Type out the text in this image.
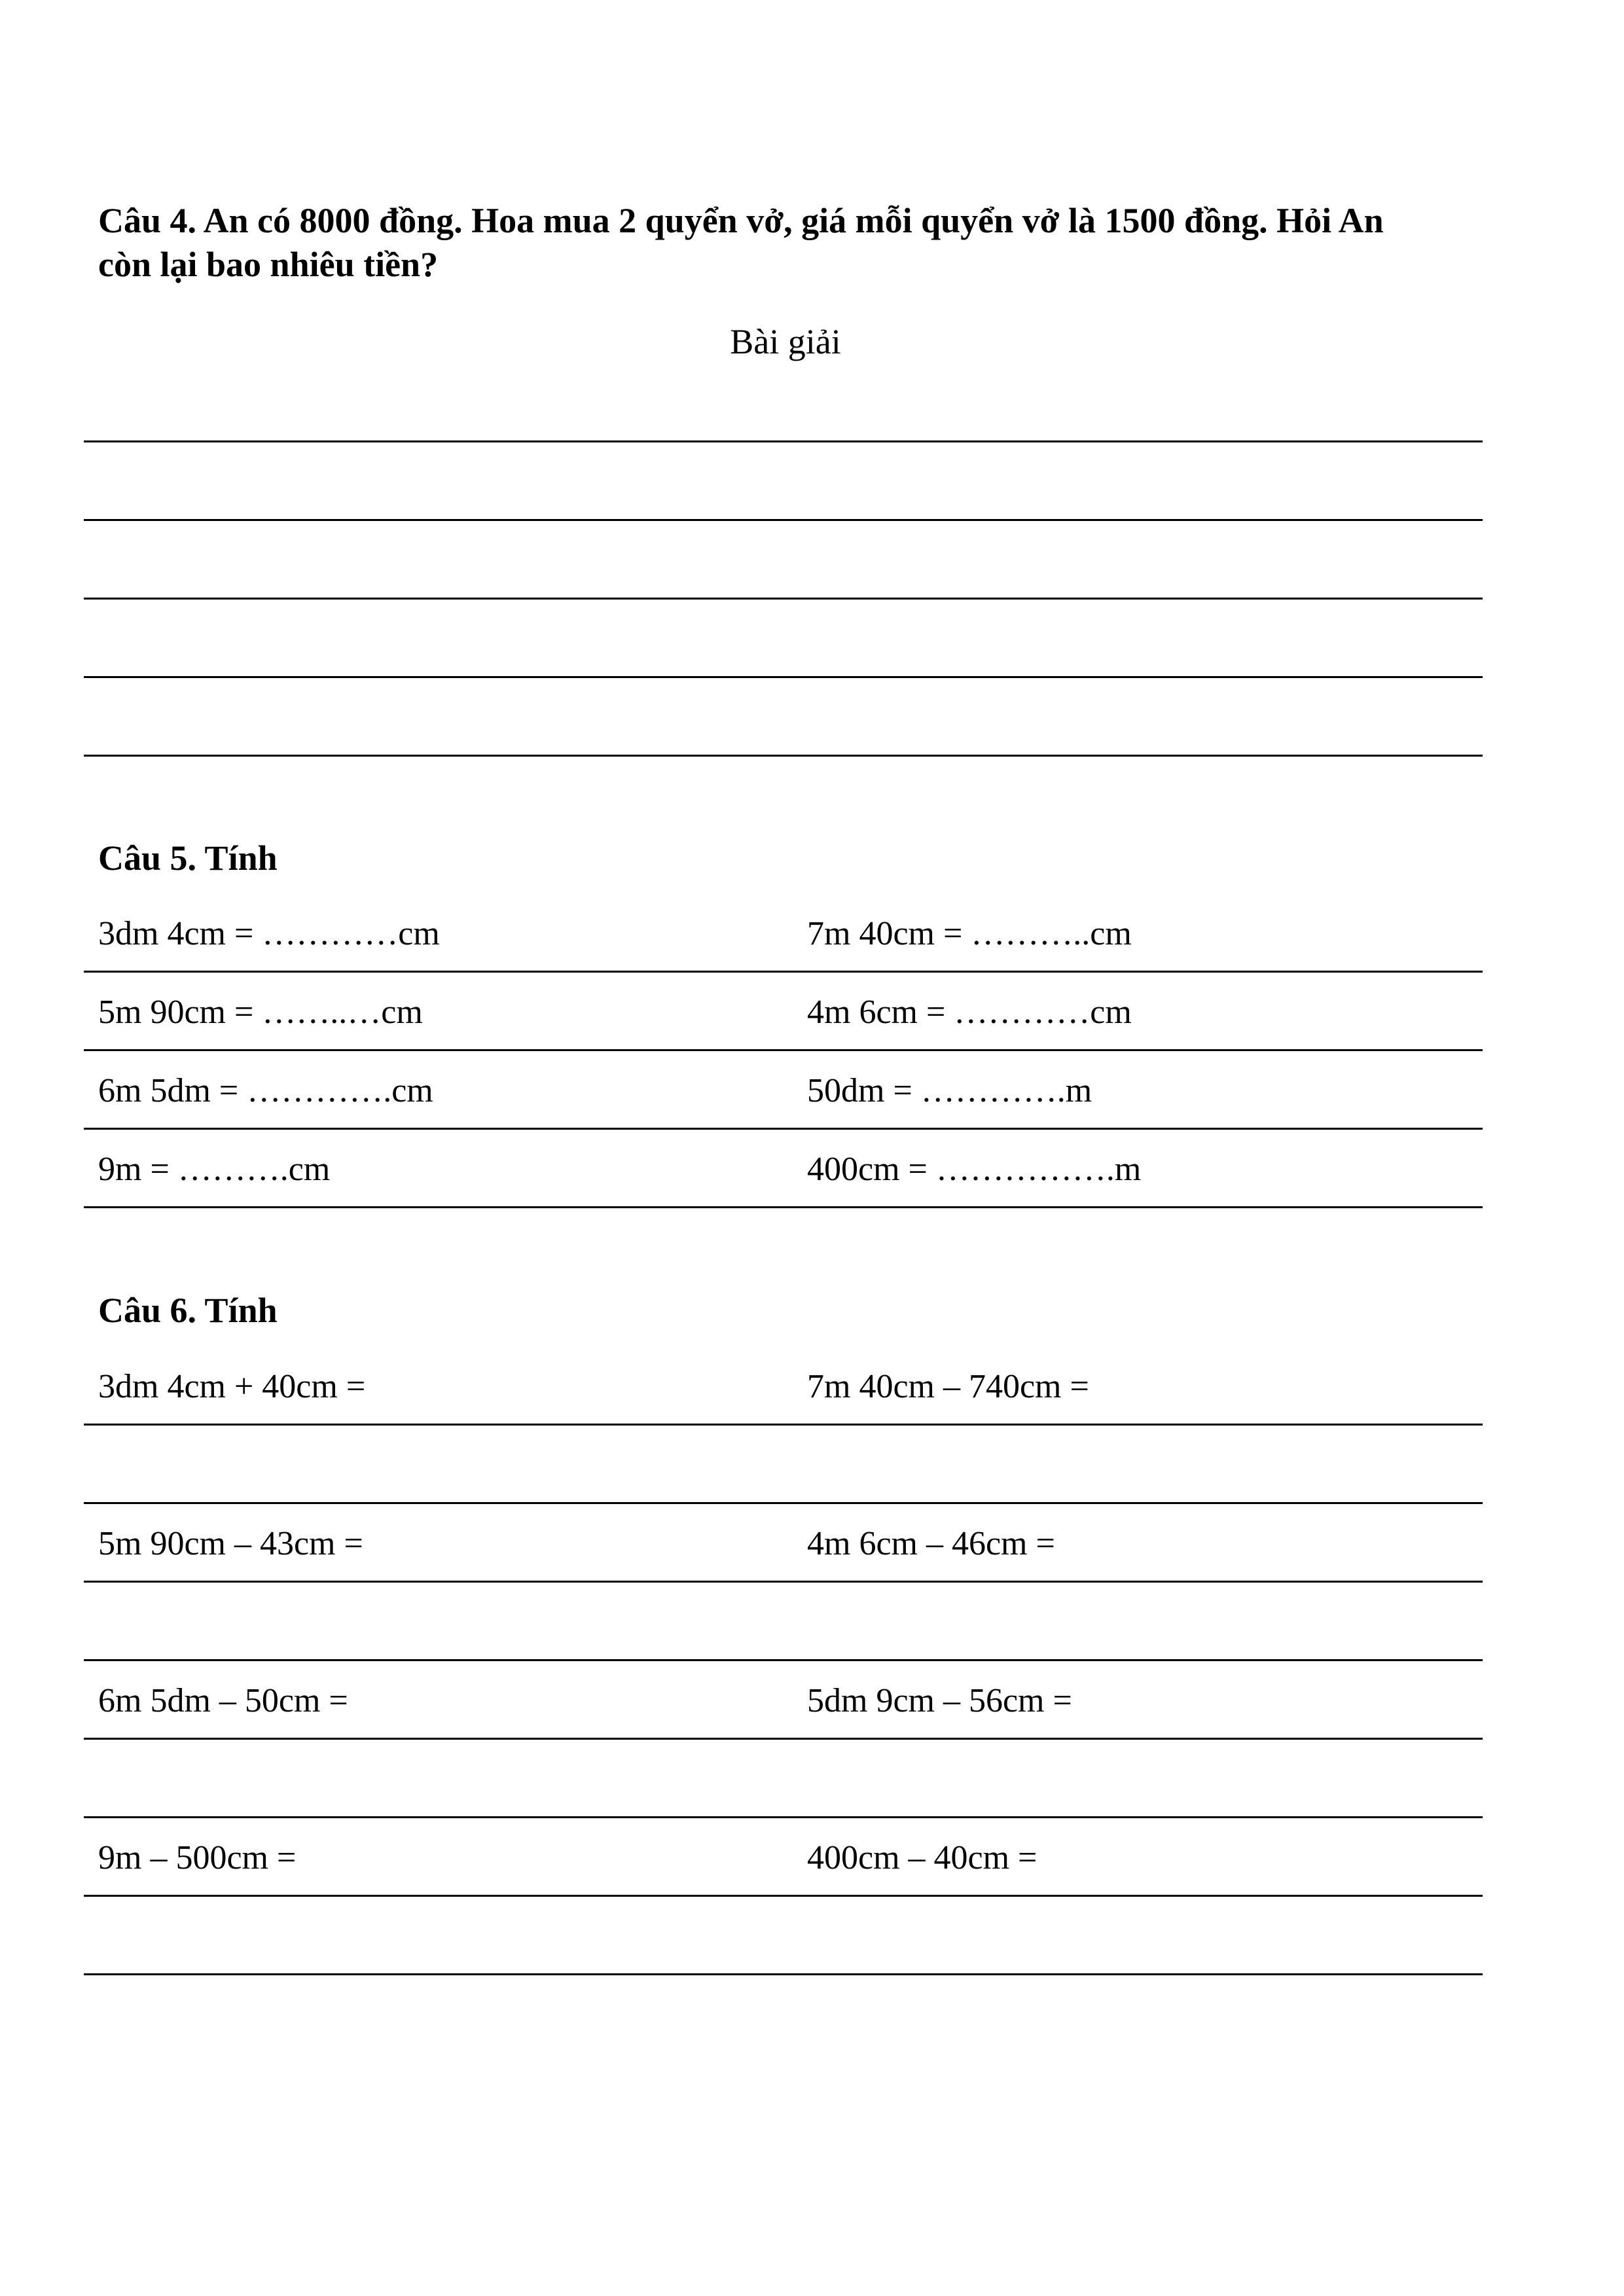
Câu 4. An có 8000 đồng. Hoa mua 2 quyển vở, giá mỗi quyển vở là 1500 đồng. Hỏi An
còn lại bao nhiêu tiền?
Bài giải
Câu 5. Tính
3dm 4cm = …………cm	7m 40cm = ………..cm
5m 90cm = ……..…cm	4m 6cm = …………cm
6m 5dm = ………….cm	50dm = ………….m
9m = ……….cm	400cm = …………….m
Câu 6. Tính
3dm 4cm + 40cm =	7m 40cm – 740cm =
5m 90cm – 43cm =	4m 6cm – 46cm =
6m 5dm – 50cm =	5dm 9cm – 56cm =
9m – 500cm =	400cm – 40cm =
